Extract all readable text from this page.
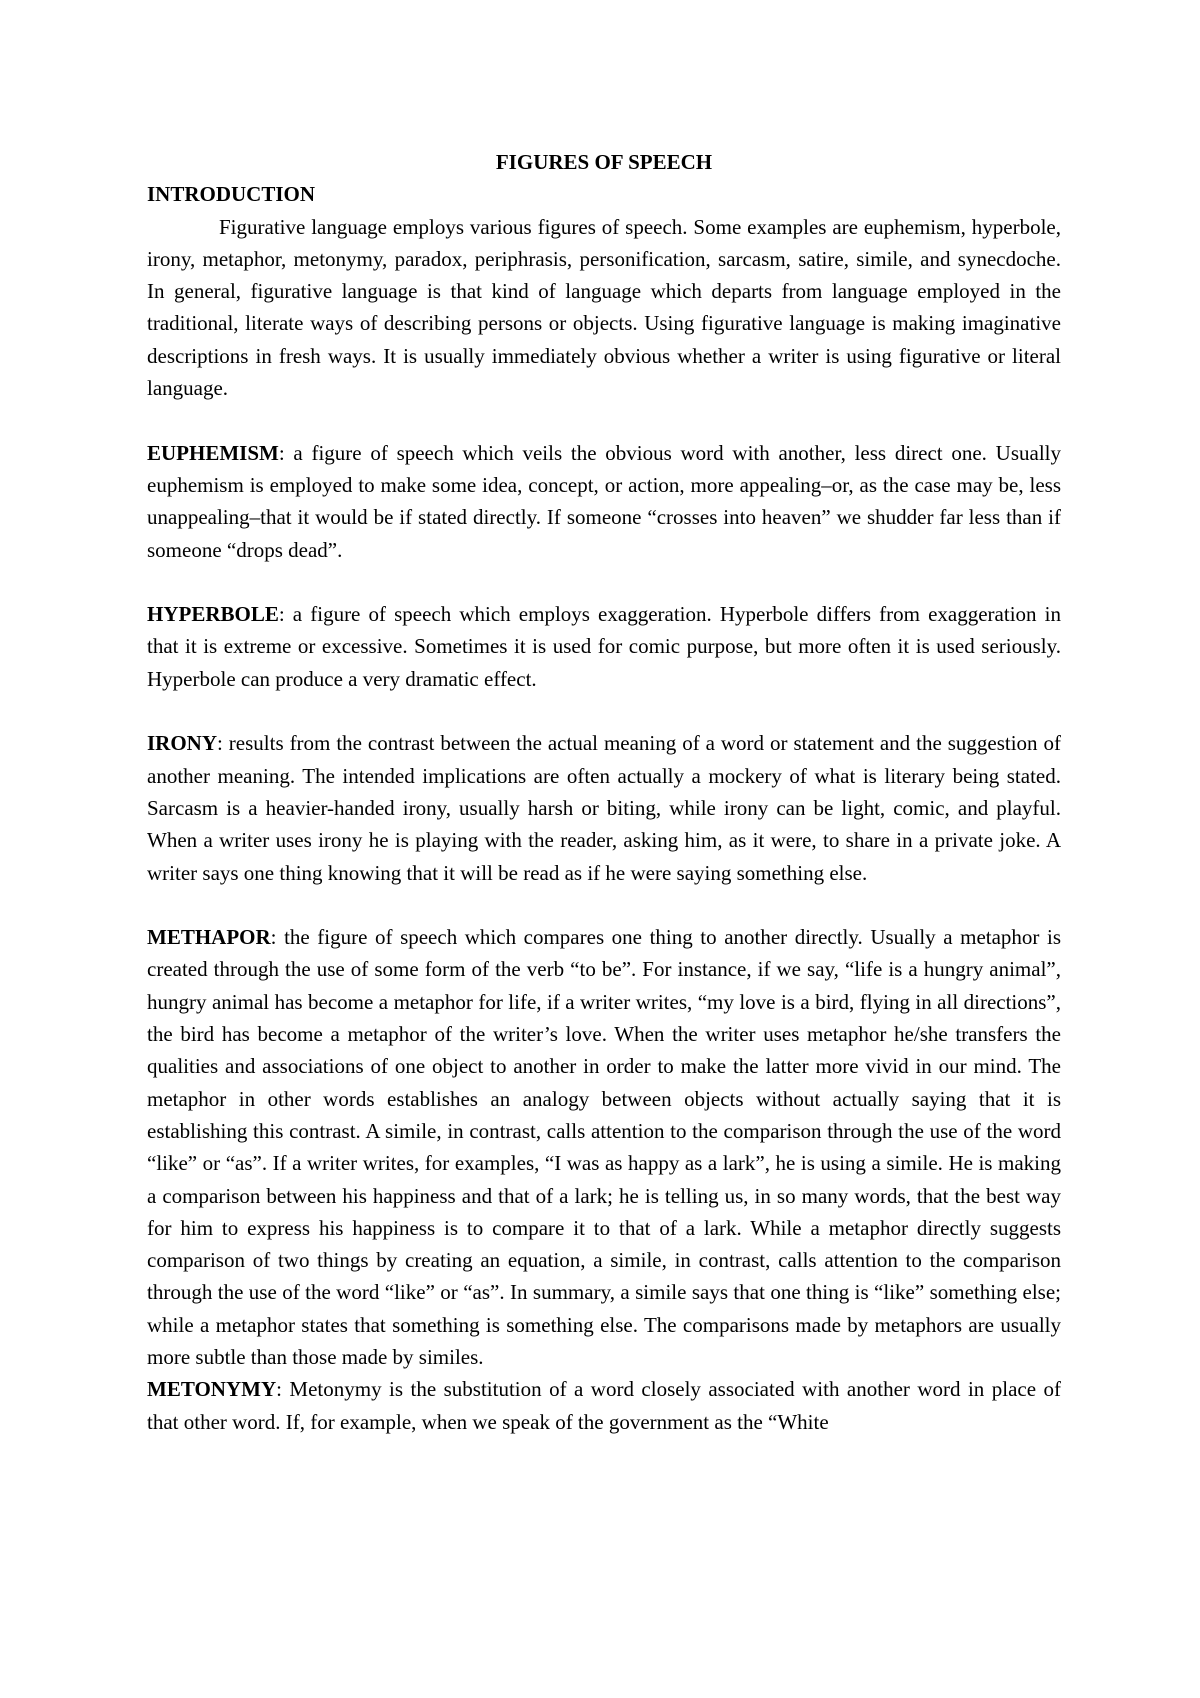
FIGURES OF SPEECH

INTRODUCTION

Figurative language employs various figures of speech. Some examples are euphemism, hyperbole, irony, metaphor, metonymy, paradox, periphrasis, personification, sarcasm, satire, simile, and synecdoche. In general, figurative language is that kind of language which departs from language employed in the traditional, literate ways of describing persons or objects. Using figurative language is making imaginative descriptions in fresh ways. It is usually immediately obvious whether a writer is using figurative or literal language.

EUPHEMISM: a figure of speech which veils the obvious word with another, less direct one. Usually euphemism is employed to make some idea, concept, or action, more appealing–or, as the case may be, less unappealing–that it would be if stated directly. If someone “crosses into heaven” we shudder far less than if someone “drops dead”.

HYPERBOLE: a figure of speech which employs exaggeration. Hyperbole differs from exaggeration in that it is extreme or excessive. Sometimes it is used for comic purpose, but more often it is used seriously. Hyperbole can produce a very dramatic effect.

IRONY: results from the contrast between the actual meaning of a word or statement and the suggestion of another meaning. The intended implications are often actually a mockery of what is literary being stated. Sarcasm is a heavier-handed irony, usually harsh or biting, while irony can be light, comic, and playful. When a writer uses irony he is playing with the reader, asking him, as it were, to share in a private joke. A writer says one thing knowing that it will be read as if he were saying something else.

METHAPOR: the figure of speech which compares one thing to another directly. Usually a metaphor is created through the use of some form of the verb “to be”. For instance, if we say, “life is a hungry animal”, hungry animal has become a metaphor for life, if a writer writes, “my love is a bird, flying in all directions”, the bird has become a metaphor of the writer’s love. When the writer uses metaphor he/she transfers the qualities and associations of one object to another in order to make the latter more vivid in our mind. The metaphor in other words establishes an analogy between objects without actually saying that it is establishing this contrast. A simile, in contrast, calls attention to the comparison through the use of the word “like” or “as”. If a writer writes, for examples, “I was as happy as a lark”, he is using a simile. He is making a comparison between his happiness and that of a lark; he is telling us, in so many words, that the best way for him to express his happiness is to compare it to that of a lark. While a metaphor directly suggests comparison of two things by creating an equation, a simile, in contrast, calls attention to the comparison through the use of the word “like” or “as”. In summary, a simile says that one thing is “like” something else; while a metaphor states that something is something else. The comparisons made by metaphors are usually more subtle than those made by similes.

METONYMY: Metonymy is the substitution of a word closely associated with another word in place of that other word. If, for example, when we speak of the government as the “White
